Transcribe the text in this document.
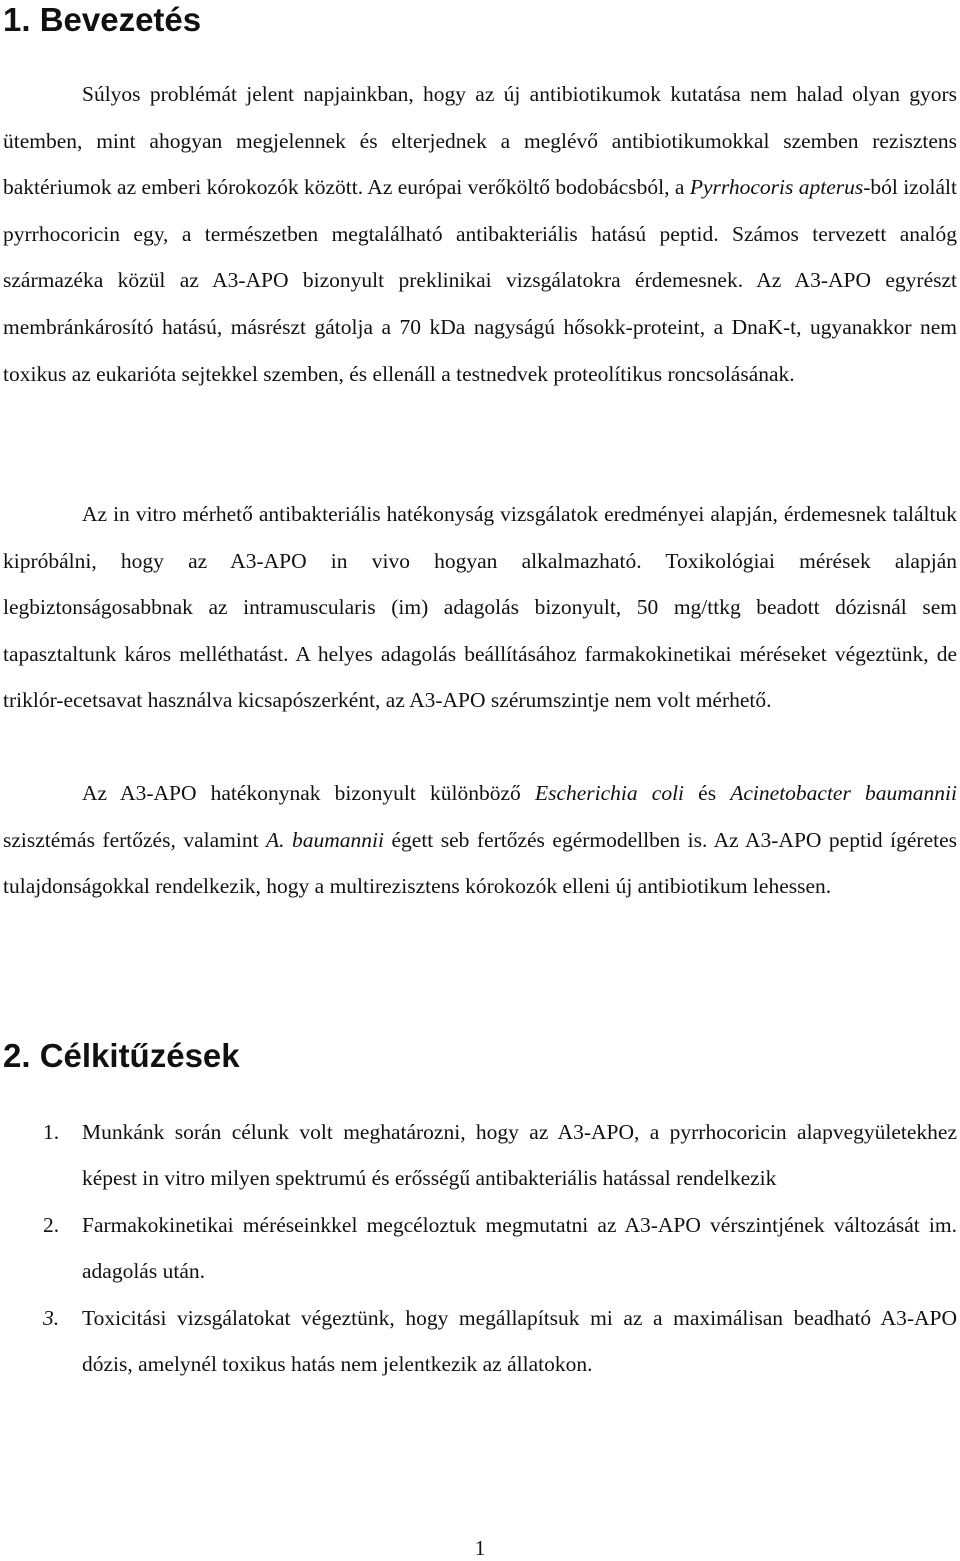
1. Bevezetés

Súlyos problémát jelent napjainkban, hogy az új antibiotikumok kutatása nem halad olyan gyors ütemben, mint ahogyan megjelennek és elterjednek a meglévő antibiotikumokkal szemben rezisztens baktériumok az emberi kórokozók között. Az európai verőköltő bodobácsból, a Pyrrhocoris apterus-ból izolált pyrrhocoricin egy, a természetben megtalálható antibakteriális hatású peptid. Számos tervezett analóg származéka közül az A3-APO bizonyult preklinikai vizsgálatokra érdemesnek. Az A3-APO egyrészt membránkárosító hatású, másrészt gátolja a 70 kDa nagyságú hősokk-proteint, a DnaK-t, ugyanakkor nem toxikus az eukarióta sejtekkel szemben, és ellenáll a testnedvek proteolítikus roncsolásának.

Az in vitro mérhető antibakteriális hatékonyság vizsgálatok eredményei alapján, érdemesnek találtuk kipróbálni, hogy az A3-APO in vivo hogyan alkalmazható. Toxikológiai mérések alapján legbiztonságosabbnak az intramuscularis (im) adagolás bizonyult, 50 mg/ttkg beadott dózisnál sem tapasztaltunk káros melléthatást. A helyes adagolás beállításához farmakokinetikai méréseket végeztünk, de triklór-ecetsavat használva kicsapószerként, az A3-APO szérumszintje nem volt mérhető.

Az A3-APO hatékonynak bizonyult különböző Escherichia coli és Acinetobacter baumannii szisztémás fertőzés, valamint A. baumannii égett seb fertőzés egérmodellben is. Az A3-APO peptid ígéretes tulajdonságokkal rendelkezik, hogy a multirezisztens kórokozók elleni új antibiotikum lehessen.

2. Célkitűzések
1.	Munkánk során célunk volt meghatározni, hogy az A3-APO, a pyrrhocoricin alapvegyületekhez képest in vitro milyen spektrumú és erősségű antibakteriális hatással rendelkezik
2.	Farmakokinetikai méréseinkkel megcéloztuk megmutatni az A3-APO vérszintjének változását im. adagolás után.
3.	Toxicitási vizsgálatokat végeztünk, hogy megállapítsuk mi az a maximálisan beadható A3-APO dózis, amelynél toxikus hatás nem jelentkezik az állatokon.
1
